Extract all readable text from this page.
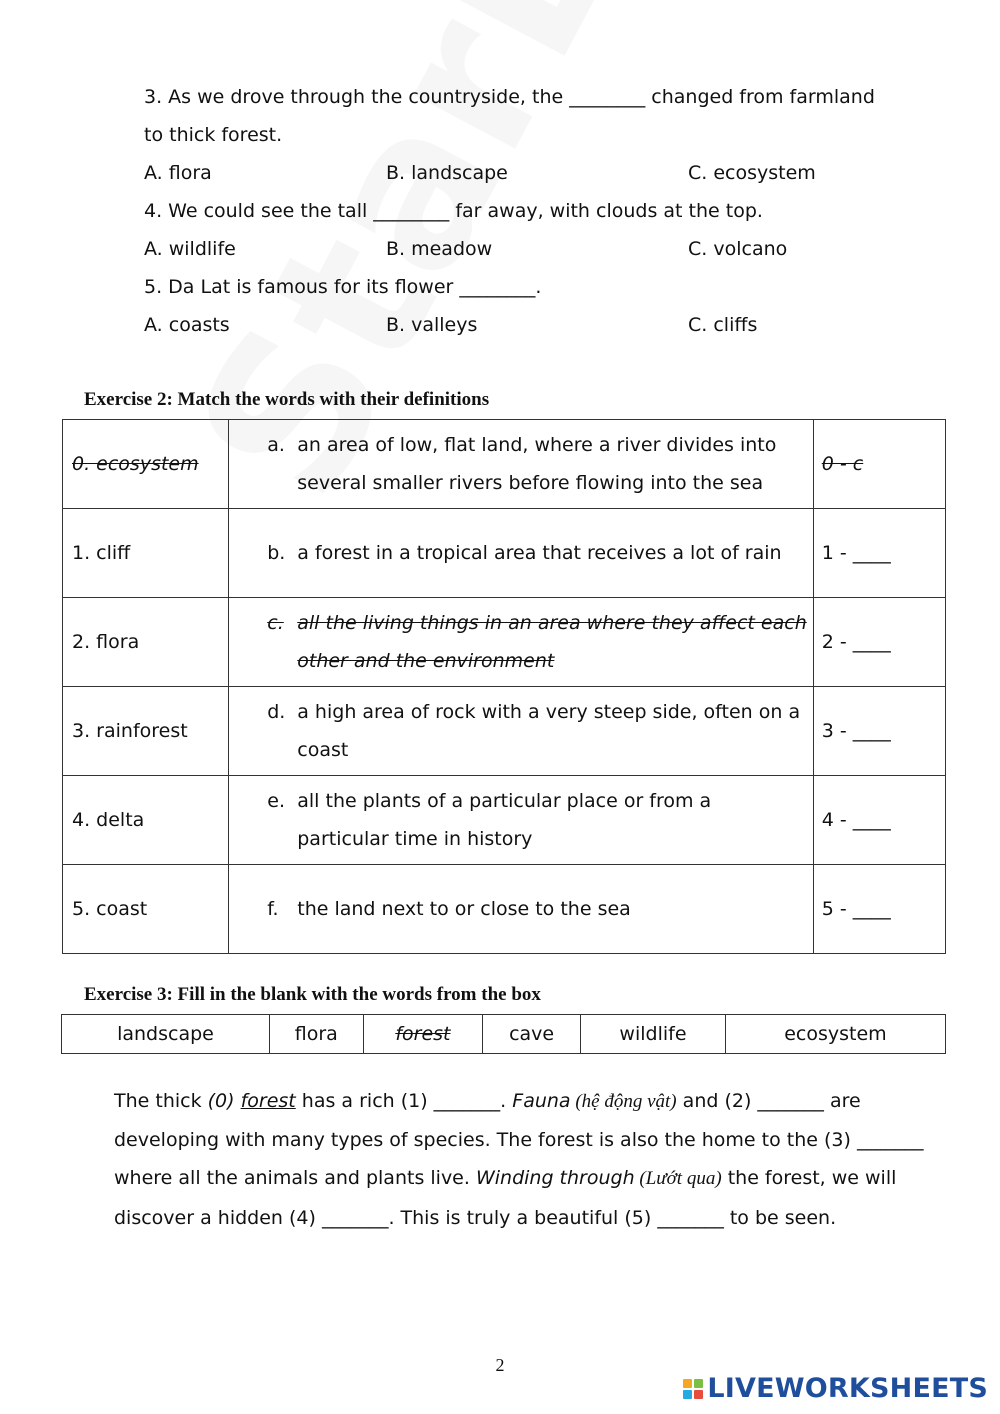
3. As we drove through the countryside, the ________ changed from farmland
to thick forest.
A. flora	B. landscape	C. ecosystem
4. We could see the tall ________ far away, with clouds at the top.
A. wildlife	B. meadow	C. volcano
5. Da Lat is famous for its flower ________.
A. coasts	B. valleys	C. cliffs
Exercise 2: Match the words with their definitions
0. ecosystem	a. an area of low, flat land, where a river divides into several smaller rivers before flowing into the sea	0 - c
1. cliff	b. a forest in a tropical area that receives a lot of rain	1 - ____
2. flora	c. all the living things in an area where they affect each other and the environment	2 - ____
3. rainforest	d. a high area of rock with a very steep side, often on a coast	3 - ____
4. delta	e. all the plants of a particular place or from a particular time in history	4 - ____
5. coast	f. the land next to or close to the sea	5 - ____
Exercise 3: Fill in the blank with the words from the box
landscape	flora	forest	cave	wildlife	ecosystem
The thick (0) forest has a rich (1) _______. Fauna (hệ động vật) and (2) _______ are developing with many types of species. The forest is also the home to the (3) _______ where all the animals and plants live. Winding through (Lướt qua) the forest, we will discover a hidden (4) _______. This is truly a beautiful (5) _______ to be seen.
2
LIVEWORKSHEETS
